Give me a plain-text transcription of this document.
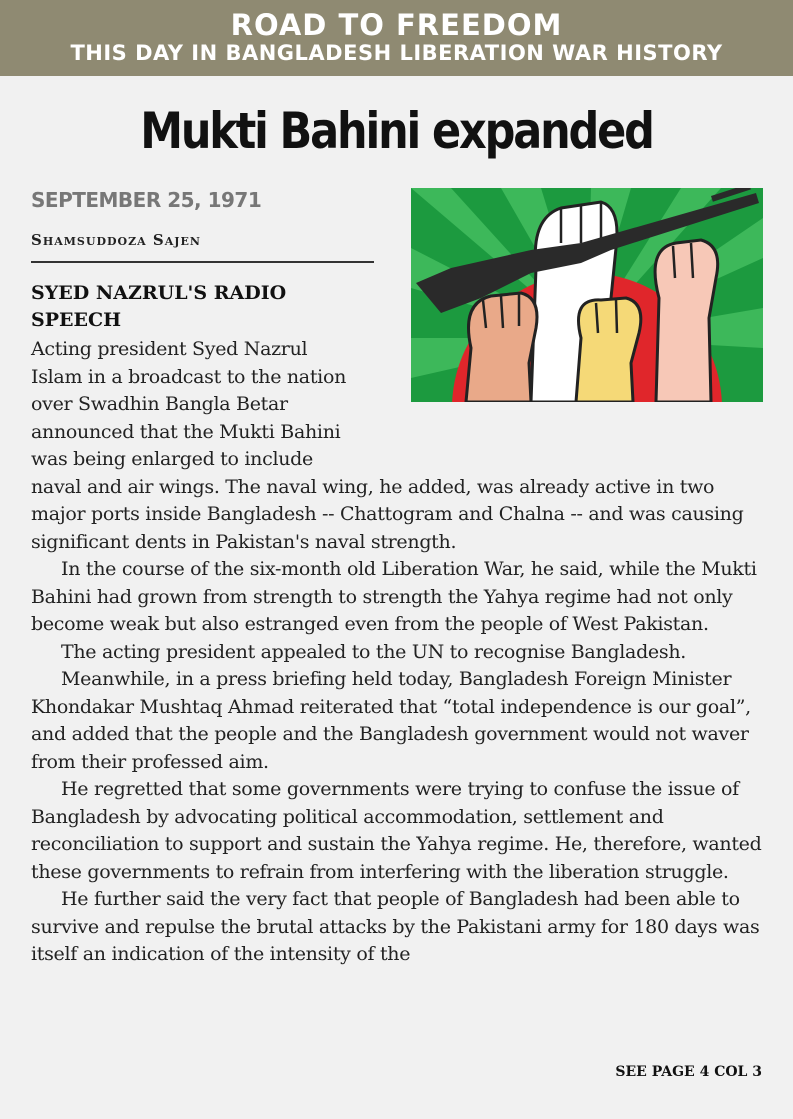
ROAD TO FREEDOM
THIS DAY IN BANGLADESH LIBERATION WAR HISTORY
Mukti Bahini expanded
SEPTEMBER 25, 1971
Shamsuddoza Sajen
SYED NAZRUL'S RADIO SPEECH

Acting president Syed Nazrul Islam in a broadcast to the nation over Swadhin Bangla Betar announced that the Mukti Bahini was being enlarged to include naval and air wings. The naval wing, he added, was already active in two major ports inside Bangladesh -- Chattogram and Chalna -- and was causing significant dents in Pakistan's naval strength.

In the course of the six-month old Liberation War, he said, while the Mukti Bahini had grown from strength to strength the Yahya regime had not only become weak but also estranged even from the people of West Pakistan.

The acting president appealed to the UN to recognise Bangladesh.

Meanwhile, in a press briefing held today, Bangladesh Foreign Minister Khondakar Mushtaq Ahmad reiterated that “total independence is our goal”, and added that the people and the Bangladesh government would not waver from their professed aim.

He regretted that some governments were trying to confuse the issue of Bangladesh by advocating political accommodation, settlement and reconciliation to support and sustain the Yahya regime. He, therefore, wanted these governments to refrain from interfering with the liberation struggle.

He further said the very fact that people of Bangladesh had been able to survive and repulse the brutal attacks by the Pakistani army for 180 days was itself an indication of the intensity of the

SEE PAGE 4 COL 3
